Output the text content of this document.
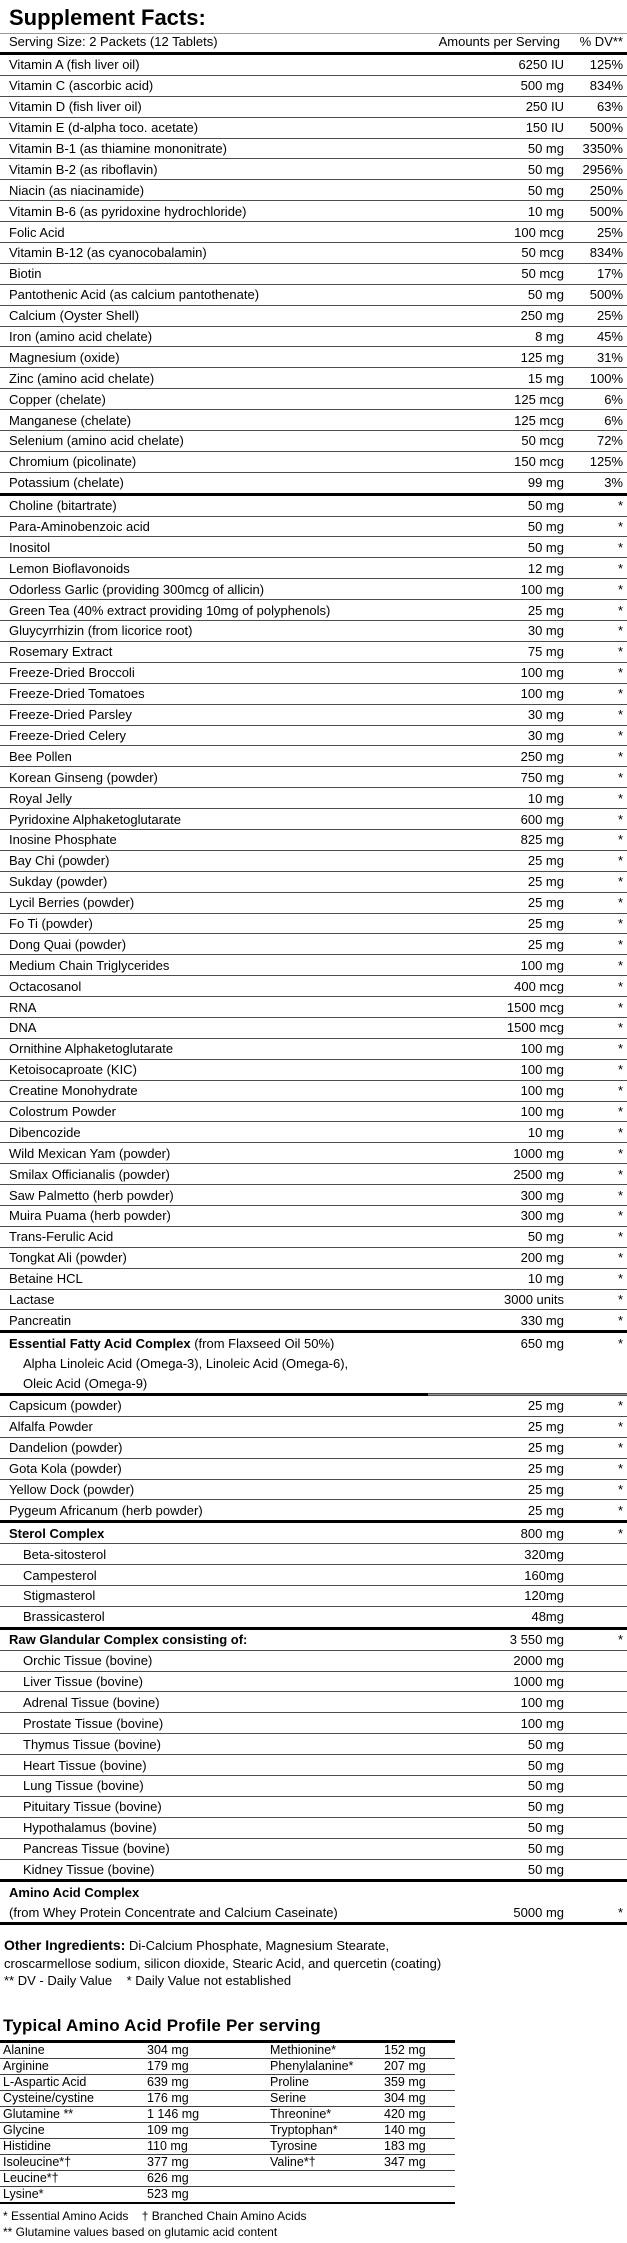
Supplement Facts:
Serving Size: 2 Packets (12 Tablets)	Amounts per Serving	% DV**
Vitamin A (fish liver oil)	6250 IU	125%
Vitamin C (ascorbic acid)	500 mg	834%
Vitamin D (fish liver oil)	250 IU	63%
Vitamin E (d-alpha toco. acetate)	150 IU	500%
Vitamin B-1 (as thiamine mononitrate)	50 mg	3350%
Vitamin B-2 (as riboflavin)	50 mg	2956%
Niacin (as niacinamide)	50 mg	250%
Vitamin B-6 (as pyridoxine hydrochloride)	10 mg	500%
Folic Acid	100 mcg	25%
Vitamin B-12 (as cyanocobalamin)	50 mcg	834%
Biotin	50 mcg	17%
Pantothenic Acid (as calcium pantothenate)	50 mg	500%
Calcium (Oyster Shell)	250 mg	25%
Iron (amino acid chelate)	8 mg	45%
Magnesium (oxide)	125 mg	31%
Zinc (amino acid chelate)	15 mg	100%
Copper (chelate)	125 mcg	6%
Manganese (chelate)	125 mcg	6%
Selenium (amino acid chelate)	50 mcg	72%
Chromium (picolinate)	150 mcg	125%
Potassium (chelate)	99 mg	3%
Choline (bitartrate)	50 mg	*
Para-Aminobenzoic acid	50 mg	*
Inositol	50 mg	*
Lemon Bioflavonoids	12 mg	*
Odorless Garlic (providing 300mcg of allicin)	100 mg	*
Green Tea (40% extract providing 10mg of polyphenols)	25 mg	*
Gluycyrrhizin (from licorice root)	30 mg	*
Rosemary Extract	75 mg	*
Freeze-Dried Broccoli	100 mg	*
Freeze-Dried Tomatoes	100 mg	*
Freeze-Dried Parsley	30 mg	*
Freeze-Dried Celery	30 mg	*
Bee Pollen	250 mg	*
Korean Ginseng (powder)	750 mg	*
Royal Jelly	10 mg	*
Pyridoxine Alphaketoglutarate	600 mg	*
Inosine Phosphate	825 mg	*
Bay Chi (powder)	25 mg	*
Sukday (powder)	25 mg	*
Lycil Berries (powder)	25 mg	*
Fo Ti (powder)	25 mg	*
Dong Quai (powder)	25 mg	*
Medium Chain Triglycerides	100 mg	*
Octacosanol	400 mcg	*
RNA	1500 mcg	*
DNA	1500 mcg	*
Ornithine Alphaketoglutarate	100 mg	*
Ketoisocaproate (KIC)	100 mg	*
Creatine Monohydrate	100 mg	*
Colostrum Powder	100 mg	*
Dibencozide	10 mg	*
Wild Mexican Yam (powder)	1000 mg	*
Smilax Officianalis (powder)	2500 mg	*
Saw Palmetto (herb powder)	300 mg	*
Muira Puama (herb powder)	300 mg	*
Trans-Ferulic Acid	50 mg	*
Tongkat Ali (powder)	200 mg	*
Betaine HCL	10 mg	*
Lactase	3000 units	*
Pancreatin	330 mg	*
Essential Fatty Acid Complex (from Flaxseed Oil 50%)	650 mg	*
Alpha Linoleic Acid (Omega-3), Linoleic Acid (Omega-6),
Oleic Acid (Omega-9)
Capsicum (powder)	25 mg	*
Alfalfa Powder	25 mg	*
Dandelion (powder)	25 mg	*
Gota Kola (powder)	25 mg	*
Yellow Dock (powder)	25 mg	*
Pygeum Africanum (herb powder)	25 mg	*
Sterol Complex	800 mg	*
Beta-sitosterol	320mg
Campesterol	160mg
Stigmasterol	120mg
Brassicasterol	48mg
Raw Glandular Complex consisting of:	3 550 mg	*
Orchic Tissue (bovine)	2000 mg
Liver Tissue (bovine)	1000 mg
Adrenal Tissue (bovine)	100 mg
Prostate Tissue (bovine)	100 mg
Thymus Tissue (bovine)	50 mg
Heart Tissue (bovine)	50 mg
Lung Tissue (bovine)	50 mg
Pituitary Tissue (bovine)	50 mg
Hypothalamus (bovine)	50 mg
Pancreas Tissue (bovine)	50 mg
Kidney Tissue (bovine)	50 mg
Amino Acid Complex
(from Whey Protein Concentrate and Calcium Caseinate)	5000 mg	*
Other Ingredients: Di-Calcium Phosphate, Magnesium Stearate,
croscarmellose sodium, silicon dioxide, Stearic Acid, and quercetin (coating)
** DV - Daily Value    * Daily Value not established
Typical Amino Acid Profile Per serving
Alanine	304 mg	Methionine*	152 mg
Arginine	179 mg	Phenylalanine*	207 mg
L-Aspartic Acid	639 mg	Proline	359 mg
Cysteine/cystine	176 mg	Serine	304 mg
Glutamine **	1 146 mg	Threonine*	420 mg
Glycine	109 mg	Tryptophan*	140 mg
Histidine	110 mg	Tyrosine	183 mg
Isoleucine*†	377 mg	Valine*†	347 mg
Leucine*†	626 mg
Lysine*	523 mg
* Essential Amino Acids    † Branched Chain Amino Acids
** Glutamine values based on glutamic acid content
